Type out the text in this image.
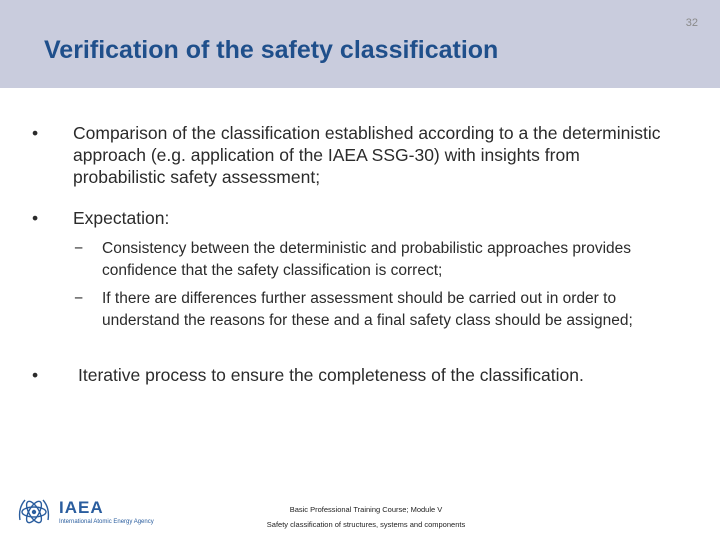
32
Verification of the safety classification
• Comparison of the classification established according to a the deterministic approach (e.g. application of the IAEA SSG-30) with insights from probabilistic safety assessment;
• Expectation:
− Consistency between the deterministic and probabilistic approaches provides confidence that the safety classification is correct;
− If there are differences further assessment should be carried out in order to understand the reasons for these and a final safety class should be assigned;
• Iterative process to ensure the completeness of the classification.
IAEA
International Atomic Energy Agency
Basic Professional Training Course; Module V
Safety classification of structures, systems and components
